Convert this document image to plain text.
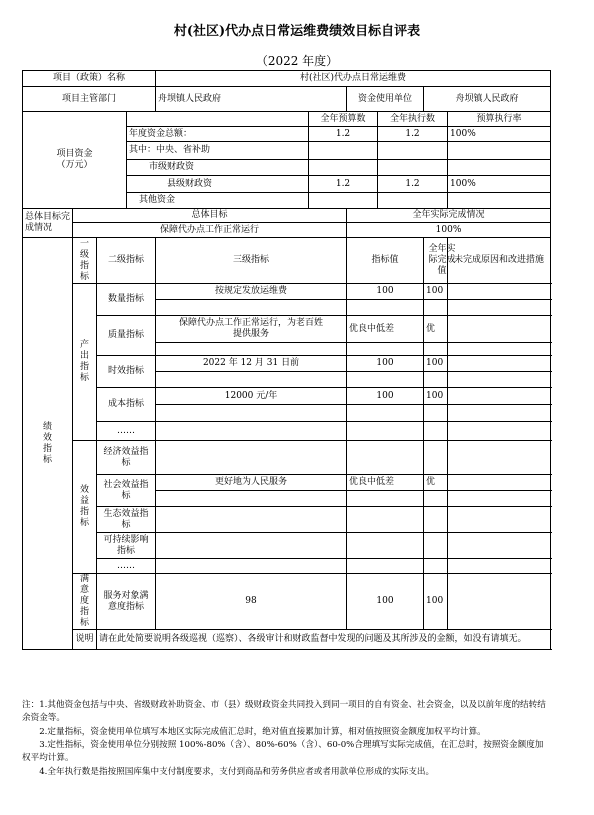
村(社区)代办点日常运维费绩效目标自评表
（2022 年度）
项目（政策）名称				村(社区)代办点日常运维费					
项目主管部门				舟坝镇人民政府		资金使用单位		舟坝镇人民政府	

项目资金（万元）					全年预算数		全年执行数		预算执行率
			年度资金总额：		1.2		1.2		100%
			其中：中央、省补助						
			市级财政资						
			县级财政资		1.2		1.2		100%
			其他资金						

总体目标完成情况	总体目标					全年实际完成情况			
	保障代办点工作正常运行					100%			

绩效指标	一级指标	二级指标		三级指标		指标值		全年实际完成值	未完成原因和改进措施

	产出指标	数量指标		按规定发放运维费		100		100	

		质量指标		保障代办点工作正常运行，为老百姓提供服务		优良中低差		优	

		时效指标		2022 年 12 月 31 日前		100		100	

		成本指标		12000 元/年		100		100	

		……							

	效益指标	经济效益指标							

		社会效益指标		更好地为人民服务		优良中低差		优	

		生态效益指标							

		可持续影响指标							

		……							

	满意度指标	服务对象满意度指标		98		100		100	
	说明	请在此处简要说明各级巡视（巡察）、各级审计和财政监督中发现的问题及其所涉及的金额，如没有请填无。							

注：1.其他资金包括与中央、省级财政补助资金、市（县）级财政资金共同投入到同一项目的自有资金、社会资金，以及以前年度的结转结余资金等。

2.定量指标，资金使用单位填写本地区实际完成值汇总时，绝对值直接累加计算，相对值按照资金额度加权平均计算。

3.定性指标，资金使用单位分别按照 100%-80%（含）、80%-60%（含）、60-0%合理填写实际完成值，在汇总时，按照资金额度加权平均计算。

4.全年执行数是指按照国库集中支付制度要求，支付到商品和劳务供应者或者用款单位形成的实际支出。
